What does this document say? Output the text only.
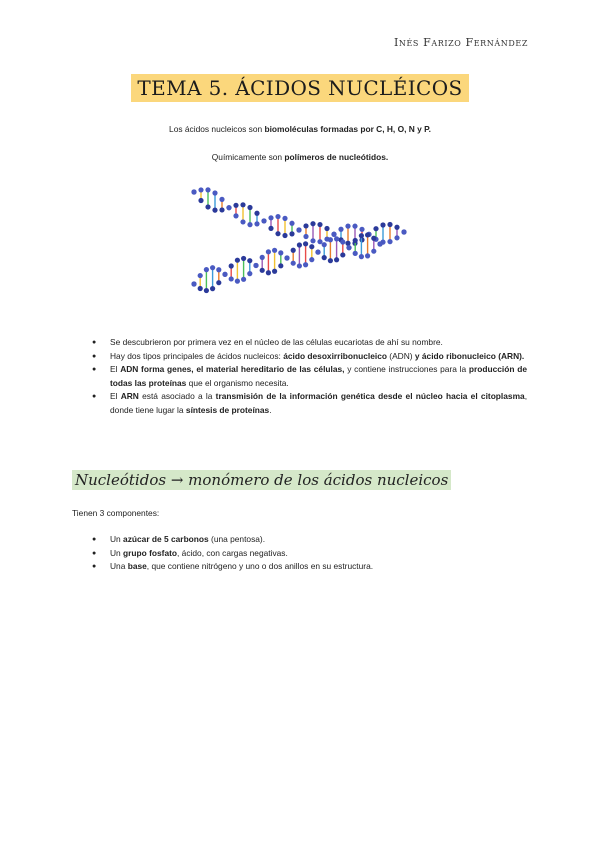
Inés Farizo Fernández
TEMA 5. ÁCIDOS NUCLÉICOS
Los ácidos nucleicos son biomoléculas formadas por C, H, O, N y P.
Químicamente son polímeros de nucleótidos.
● Se descubrieron por primera vez en el núcleo de las células eucariotas de ahí su nombre.
● Hay dos tipos principales de ácidos nucleicos: ácido desoxirribonucleico (ADN) y ácido ribonucleico (ARN).
● El ADN forma genes, el material hereditario de las células, y contiene instrucciones para la producción de todas las proteínas que el organismo necesita.
● El ARN está asociado a la transmisión de la información genética desde el núcleo hacia el citoplasma, donde tiene lugar la síntesis de proteínas.
Nucleótidos → monómero de los ácidos nucleicos
Tienen 3 componentes:
● Un azúcar de 5 carbonos (una pentosa).
● Un grupo fosfato, ácido, con cargas negativas.
● Una base, que contiene nitrógeno y uno o dos anillos en su estructura.
